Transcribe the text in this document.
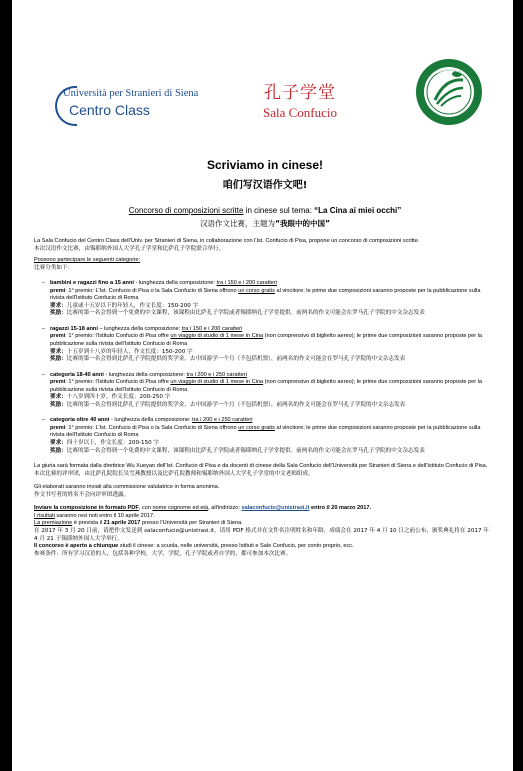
Università per Stranieri di Siena
Centro Class
孔子学堂
Sala Confucio
Scriviamo in cinese!
咱们写汉语作文吧!
Concorso di composizioni scritte in cinese sul tema: “La Cina ai miei occhi”
汉语作文比赛，主题为“我眼中的中国”

La Sala Confucio del Centro Class dell'Univ. per Stranieri di Siena, in collaborazione con l'Ist. Confucio di Pisa, propone un concorso di composizioni scritte.

本次汉语作文比赛，由锡耶纳外国人大学孔子学堂和比萨孔子学院联合举行。

Possono partecipare le seguenti categorie:

比赛分类如下：

– bambini e ragazzi fino a 15 anni - lunghezza della composizione: tra i 150 e i 200 caratteri

premi: 1° premio: L'Ist. Confucio di Pisa o la Sala Confucio di Siena offrono un corso gratis al vincitore; le prime due composizioni saranno proposte per la pubblicazione sulla rivista dell'Istituto Confucio di Roma

要求：儿童或十五岁以下的年轻人，作文长度：150-200 字

奖励：比赛的第一名会得到一个免费的中文课程，该课程由比萨孔子学院或者锡耶纳孔子学堂提供。前两名的作文可能会在罗马孔子学院的中文杂志发表

– ragazzi 15-18 anni – lunghezza della composizione: tra i 150 e i 200 caratteri

premi: 1° premio: l'Istituto Confucio di Pisa offre un viaggio di studio di 1 mese in Cina (non comprensivo di biglietto aereo); le prime due composizioni saranno proposte per la pubblicazione sulla rivista dell'Istituto Confucio di Roma

要求：十五岁到十八岁的年轻人，作文长度：150-200 字

奖励：比赛的第一名会得到比萨孔子学院提供的奖学金，去中国游学一个月（不包括机票），前两名的作文可能会在罗马孔子学院的中文杂志发表

– categoria 18-40 anni - lunghezza della composizione: tra i 200 e i 250 caratteri

premi: 1° premio: l'Istituto Confucio di Pisa offre un viaggio di studio di 1 mese in Cina (non comprensivo di biglietto aereo); le prime due composizioni saranno proposte per la pubblicazione sulla rivista dell'Istituto Confucio di Roma

要求：十八岁到四十岁，作文长度：200-250 字

奖励：比赛的第一名会得到比萨孔子学院提供的奖学金，去中国游学一个月（不包括机票），前两名的作文可能会在罗马孔子学院的中文杂志发表

– categoria oltre 40 anni - lunghezza della composizione: tra i 200 e i 250 caratteri

premi: 1° premio: L'Ist. Confucio di Pisa o la Sala Confucio di Siena offrono un corso gratis al vincitore; le prime due composizioni saranno proposte per la pubblicazione sulla rivista dell'Istituto Confucio di Roma

要求：四十岁以上，作文长度：200-150 字

奖励：比赛的第一名会得到一个免费的中文课程，该课程由比萨孔子学院或者锡耶纳孔子学堂提供。前两名的作文可能会在罗马孔子学院的中文杂志发表

La giuria sarà formata dalla direttrice Wu Xueyan dell'Ist. Confucio di Pisa e da docenti di cinese della Sala Confucio dell'Università per Stranieri di Siena e dell'Istituto Confucio di Pisa.

本次比赛的评审团，由比萨孔院院长吴雪燕教授以及比萨孔院教师和锡耶纳外国人大学孔子学堂的中文老师组成。

Gli elaborati saranno inviati alla commissione valutatrice in forma anonima.

作文书写者的姓名不会向评审团透露。

Inviare la composizione in formato PDF, con nome cognome ed età, all'indirizzo: salaconfucio@unistrasi.it entro il 20 marzo 2017.

I risultati saranno resi noti entro il 10 aprile 2017.

La premiazione è prevista il 21 aprile 2017 presso l'Università per Stranieri di Siena.

在 2017 年 3 月 20 日前，请把作文发送到 salaconfucio@unistrasi.it，请用 PDF 格式并在文件名注明姓名和年龄，成绩会在 2017 年 4 月 10 日之前公布，颁奖典礼将在 2017 年 4 月 21 于锡耶纳外国人大学举行。

Il concorso è aperto a chiunque studi il cinese: a scuola, nelle università, presso Istituti e Sale Confucio, per conto proprio, ecc.

参赛条件：所有学习汉语的人，包括各种学校，大学，学院，孔子学院或者自学的，都可参加本次比赛。
